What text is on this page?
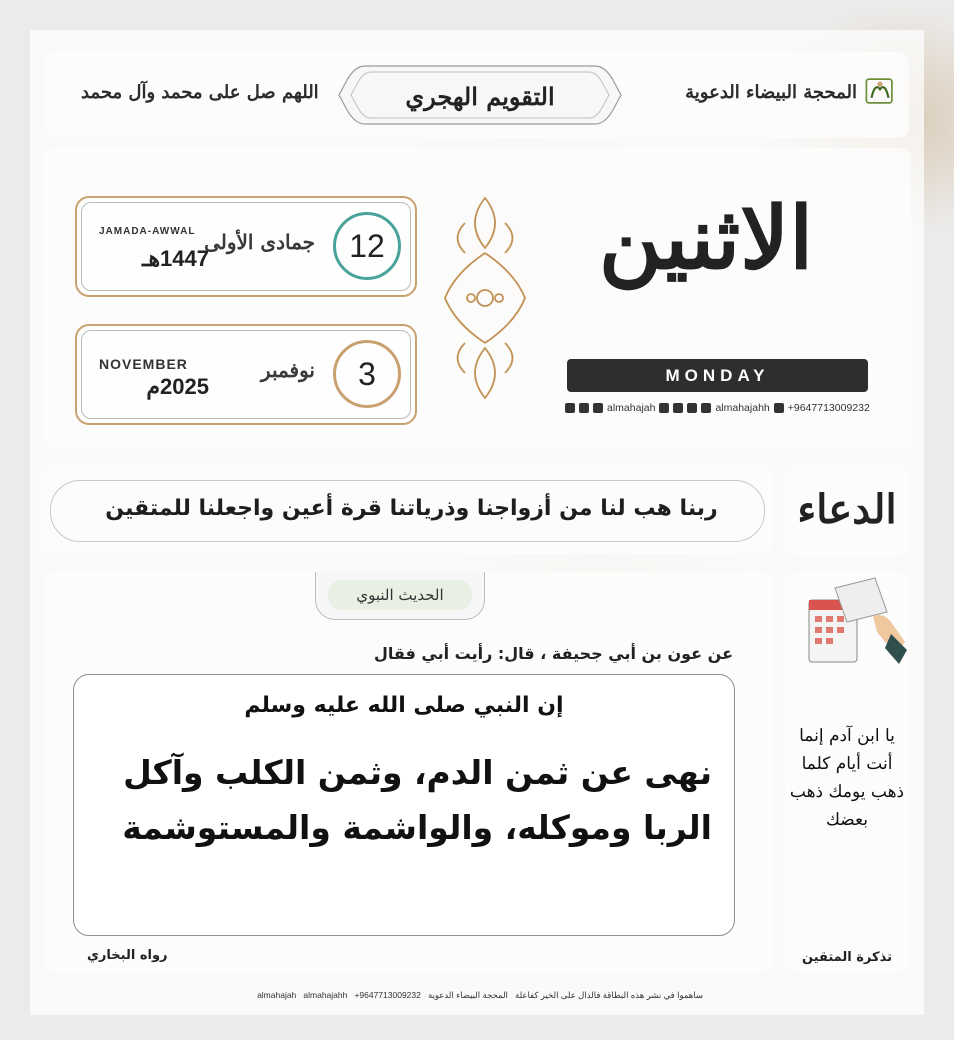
المحجة البيضاء الدعوية
التقويم الهجري
اللهم صل على محمد وآل محمد
الاثنين
MONDAY
almahajah	almahajahh +9647713009232
12
جمادى الأولى
JAMADA-AWWAL
1447هـ
3
نوفمبر
NOVEMBER
2025م
الدعاء
ربنا هب لنا من أزواجنا وذرياتنا قرة أعين واجعلنا للمتقين
الحديث النبوي
عن عون بن أبي جحيفة ، قال: رأيت أبي فقال
إن النبي صلى الله عليه وسلم
نهى عن ثمن الدم، وثمن الكلب وآكل الربا وموكله، والواشمة والمستوشمة
رواه البخاري
يا ابن آدم إنما أنت أيام كلما ذهب يومك ذهب بعضك
تذكرة المتقين
ساهموا في نشر هذه البطاقة فالدال على الخير كفاعلة   المحجة البيضاء الدعوية   almahajah almahajahh +9647713009232
